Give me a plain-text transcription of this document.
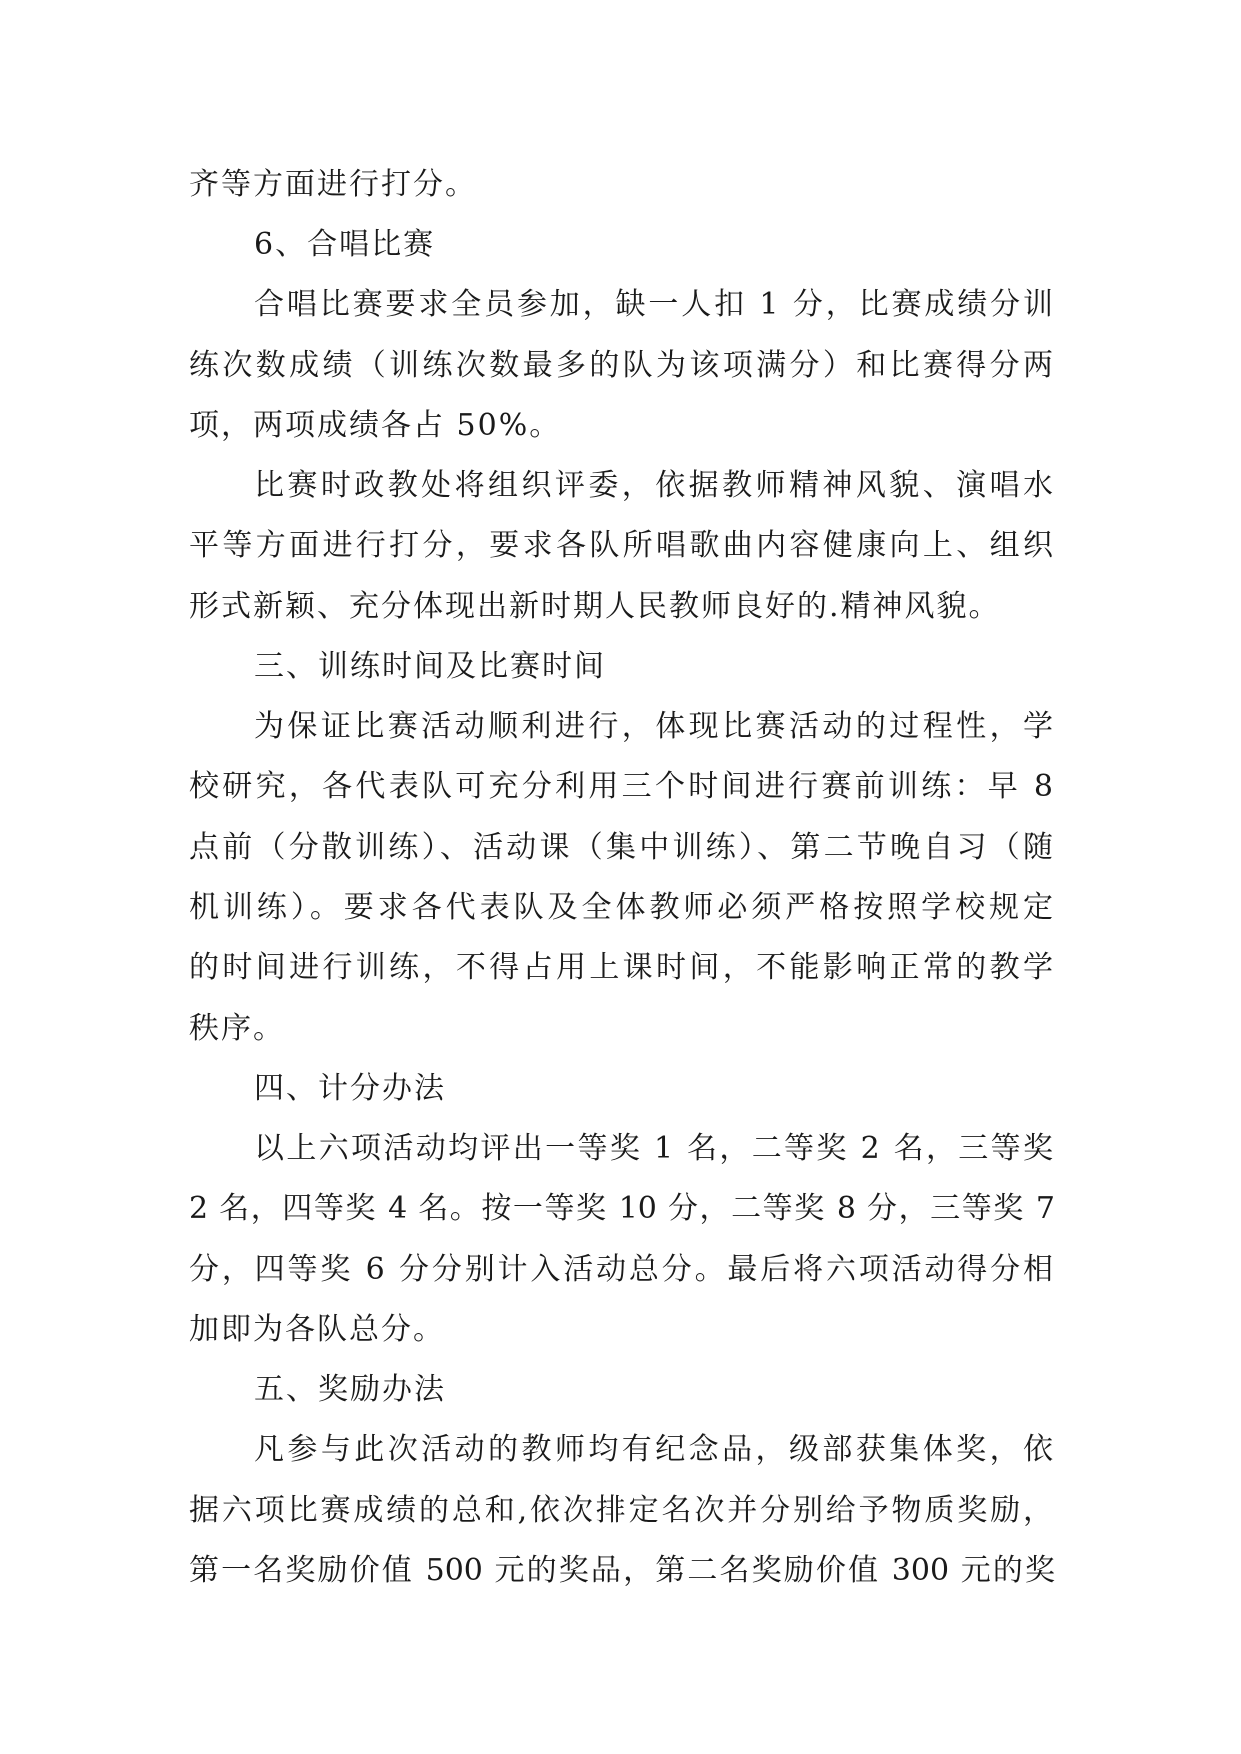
齐等方面进行打分。
6、合唱比赛
合唱比赛要求全员参加，缺一人扣 1 分，比赛成绩分训
练次数成绩（训练次数最多的队为该项满分）和比赛得分两
项，两项成绩各占 50%。
比赛时政教处将组织评委，依据教师精神风貌、演唱水
平等方面进行打分，要求各队所唱歌曲内容健康向上、组织
形式新颖、充分体现出新时期人民教师良好的.精神风貌。
三、训练时间及比赛时间
为保证比赛活动顺利进行，体现比赛活动的过程性，学
校研究，各代表队可充分利用三个时间进行赛前训练：早 8
点前（分散训练）、活动课（集中训练）、第二节晚自习（随
机训练）。要求各代表队及全体教师必须严格按照学校规定
的时间进行训练，不得占用上课时间，不能影响正常的教学
秩序。
四、计分办法
以上六项活动均评出一等奖 1 名，二等奖 2 名，三等奖
2 名，四等奖 4 名。按一等奖 10 分，二等奖 8 分，三等奖 7
分，四等奖 6 分分别计入活动总分。最后将六项活动得分相
加即为各队总分。
五、奖励办法
凡参与此次活动的教师均有纪念品，级部获集体奖，依
据六项比赛成绩的总和,依次排定名次并分别给予物质奖励，
第一名奖励价值 500 元的奖品，第二名奖励价值 300 元的奖
